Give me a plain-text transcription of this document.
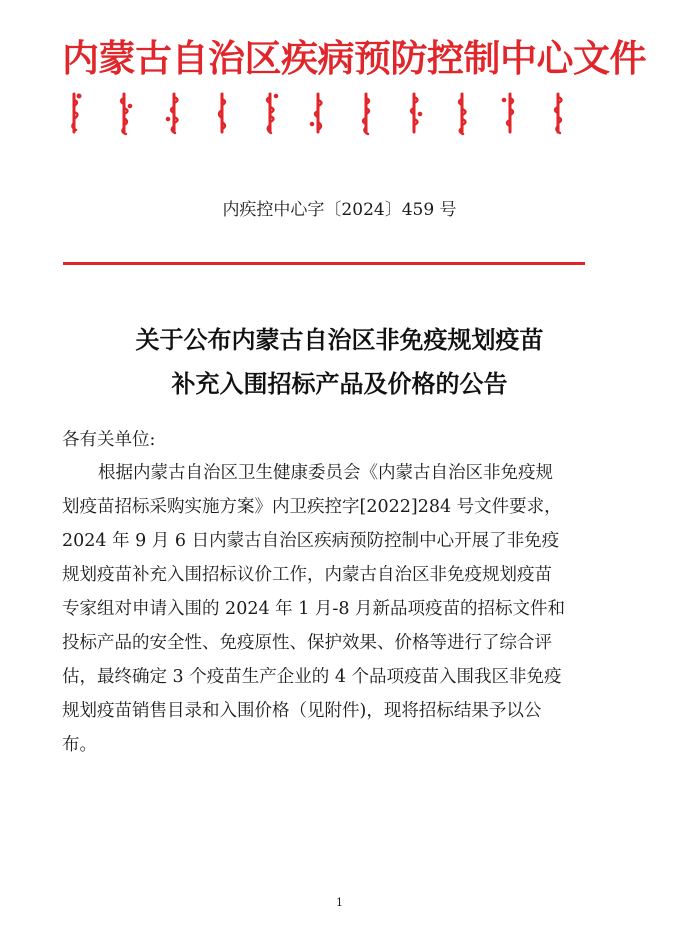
内蒙古自治区疾病预防控制中心文件
内疾控中心字〔2024〕459 号
关于公布内蒙古自治区非免疫规划疫苗
补充入围招标产品及价格的公告
各有关单位:
根据内蒙古自治区卫生健康委员会《内蒙古自治区非免疫规
划疫苗招标采购实施方案》内卫疾控字[2022]284 号文件要求，
2024 年 9 月 6 日内蒙古自治区疾病预防控制中心开展了非免疫
规划疫苗补充入围招标议价工作，内蒙古自治区非免疫规划疫苗
专家组对申请入围的 2024 年 1 月-8 月新品项疫苗的招标文件和
投标产品的安全性、免疫原性、保护效果、价格等进行了综合评
估，最终确定 3 个疫苗生产企业的 4 个品项疫苗入围我区非免疫
规划疫苗销售目录和入围价格（见附件)，现将招标结果予以公
布。
1
